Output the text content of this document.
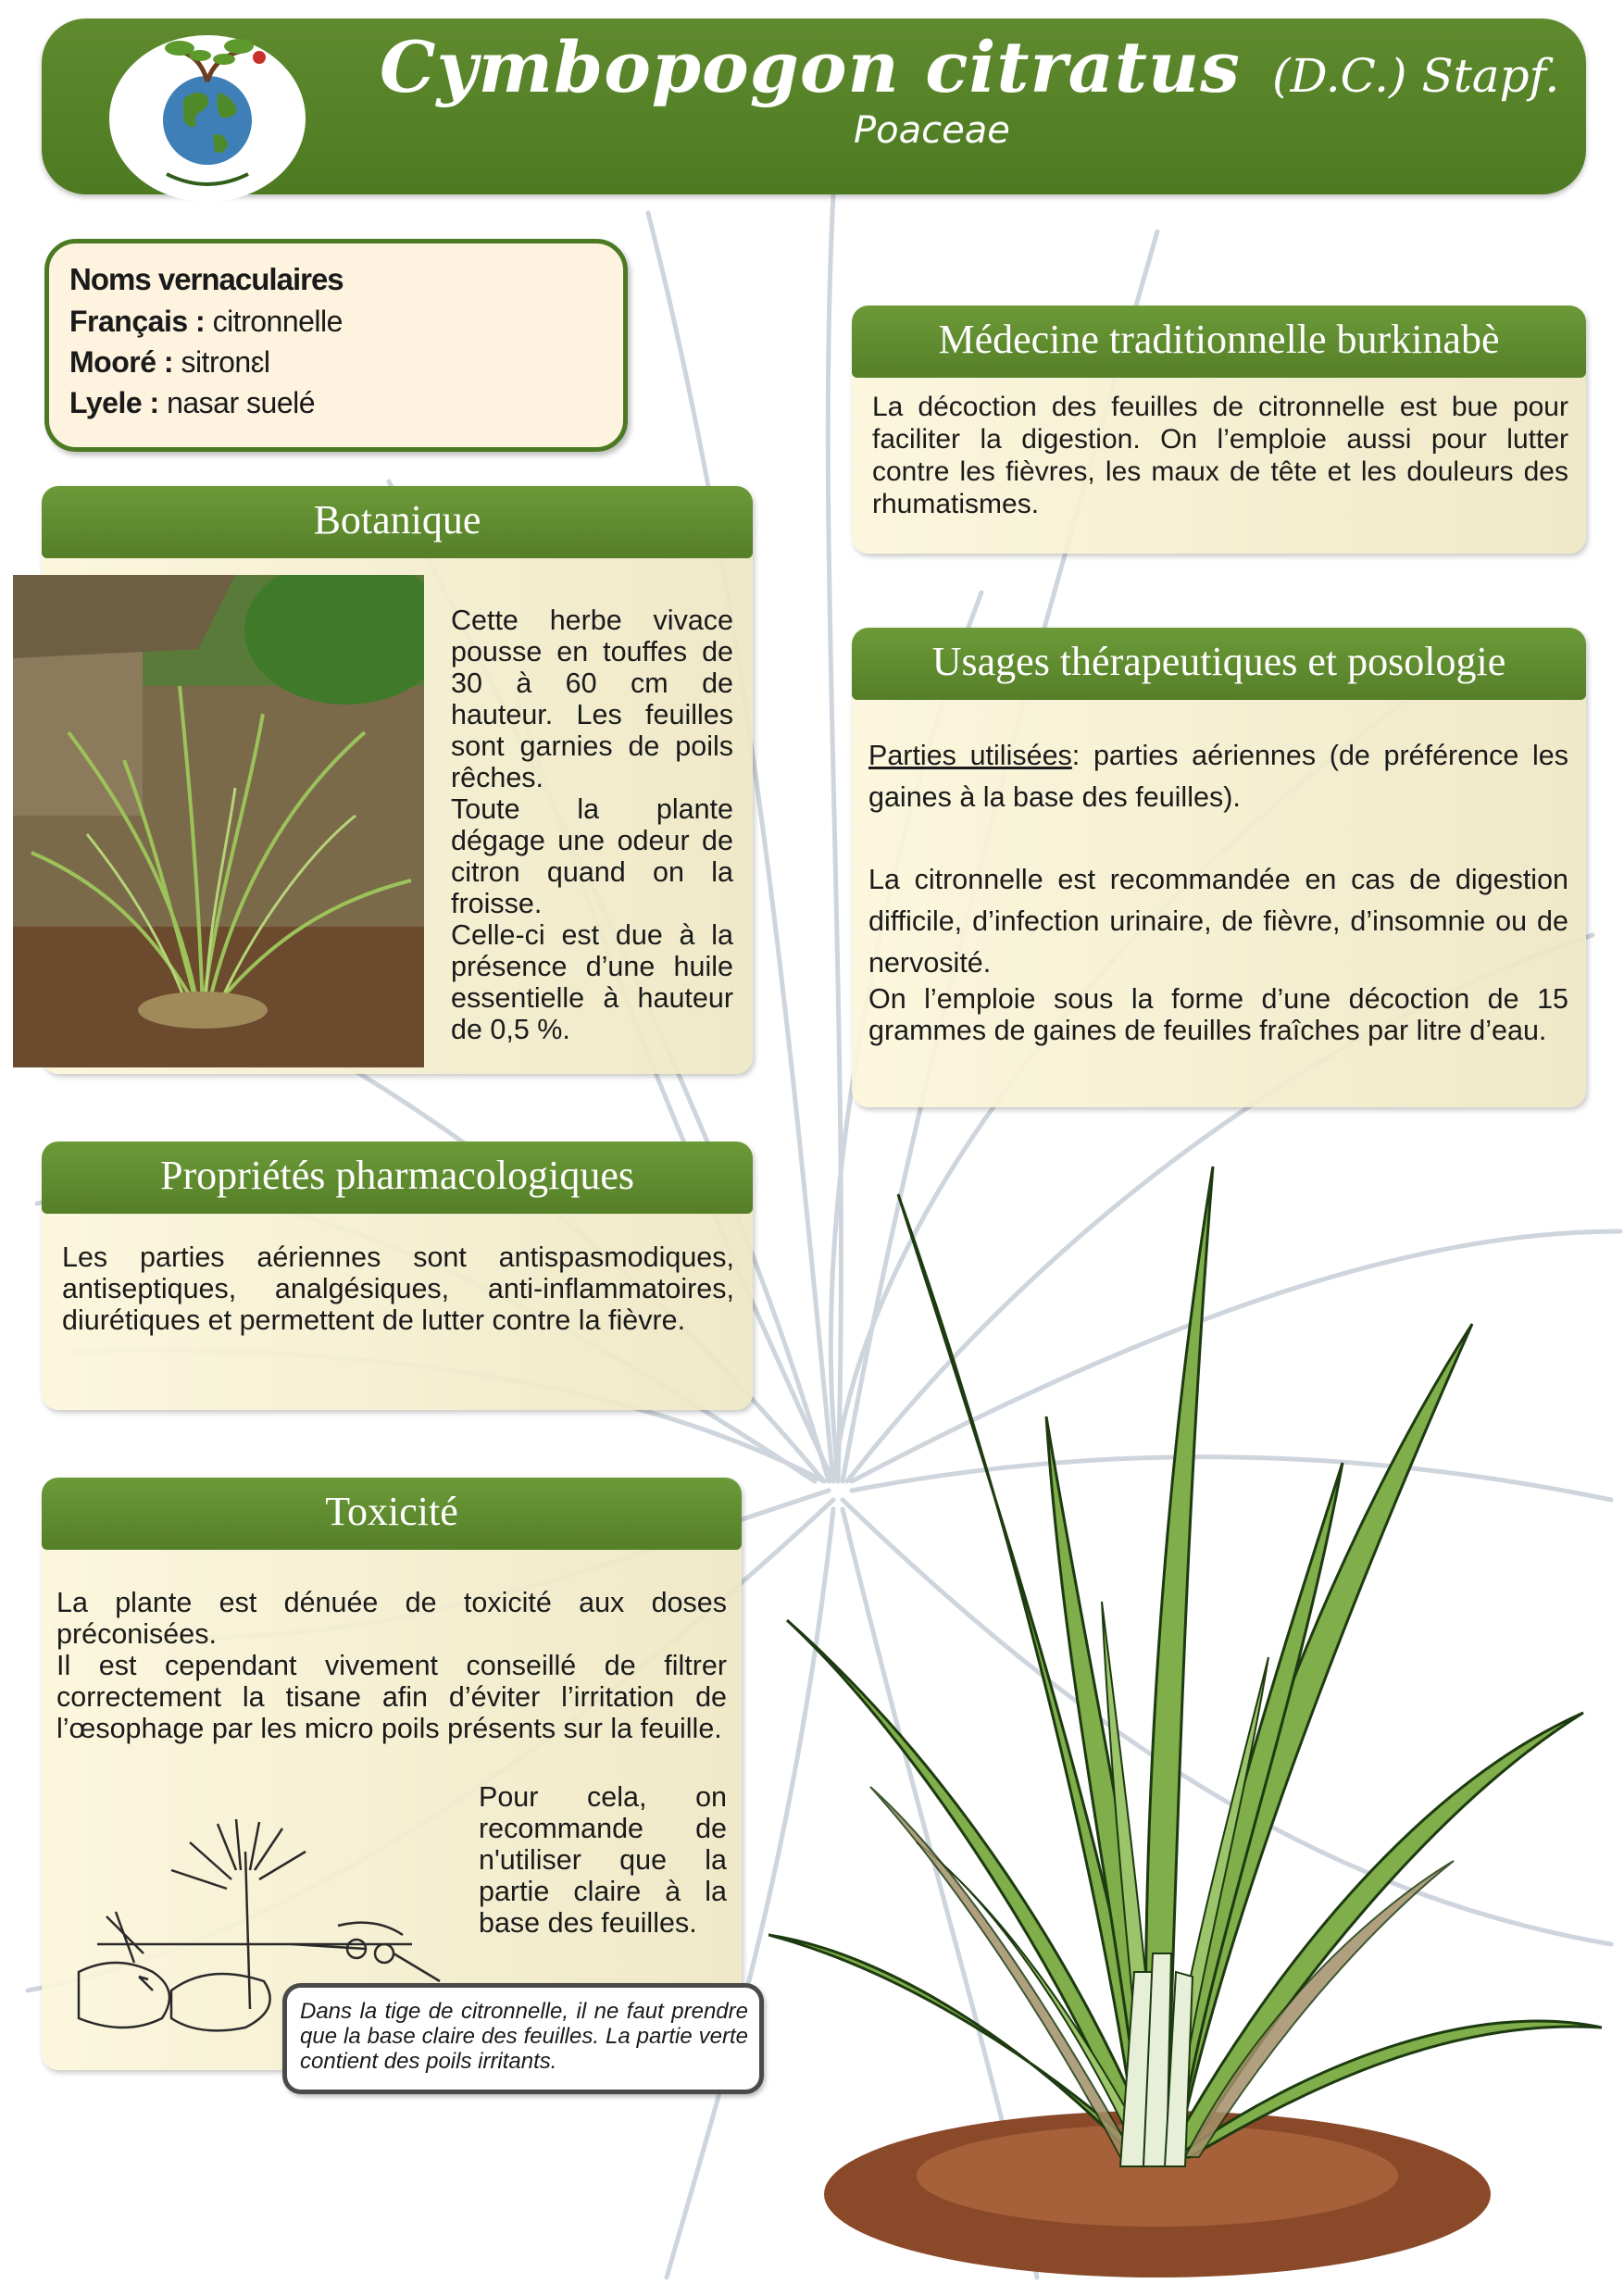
Cymbopogon citratus (D.C.) Stapf.
Poaceae
Noms vernaculaires
Français : citronnelle
Mooré : sitronɛl
Lyele : nasar suelé
Botanique

Cette herbe vivace pousse en touffes de 30 à 60 cm de hauteur. Les feuilles sont garnies de poils rêches.

Toute la plante dégage une odeur de citron quand on la froisse.

Celle-ci est due à la présence d’une huile essentielle à hauteur de 0,5 %.

Propriétés pharmacologiques
Les parties aériennes sont antispasmodiques, antiseptiques, analgésiques, anti-inflammatoires, diurétiques et permettent de lutter contre la fièvre.
Toxicité

La plante est dénuée de toxicité aux doses préconisées.

Il est cependant vivement conseillé de filtrer correctement la tisane afin d’éviter l’irritation de l’œsophage par les micro poils présents sur la feuille.

Pour cela, on recommande de n'utiliser que la partie claire à la base des feuilles.
Dans la tige de citronnelle, il ne faut prendre que la base claire des feuilles. La partie verte contient des poils irritants.
Médecine traditionnelle burkinabè
La décoction des feuilles de citronnelle est bue pour faciliter la digestion. On l’emploie aussi pour lutter contre les fièvres, les maux de tête et les douleurs des rhumatismes.
Usages thérapeutiques et posologie
Parties utilisées: parties aériennes (de préférence les gaines à la base des feuilles).
La citronnelle est recommandée en cas de digestion difficile, d’infection urinaire, de fièvre, d’insomnie ou de nervosité.
On l’emploie sous la forme d’une décoction de 15 grammes de gaines de feuilles fraîches par litre d’eau.
